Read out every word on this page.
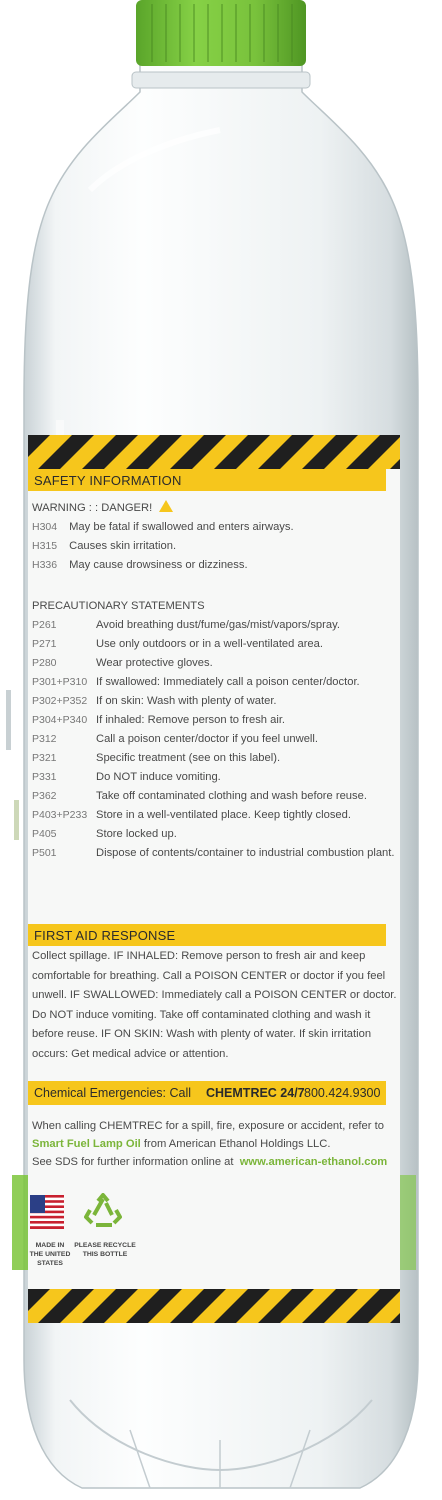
SAFETY INFORMATION
WARNING : : DANGER!
H304 May be fatal if swallowed and enters airways.
H315 Causes skin irritation.
H336 May cause drowsiness or dizziness.
PRECAUTIONARY STATEMENTS
P261	Avoid breathing dust/fume/gas/mist/vapors/spray.
P271	Use only outdoors or in a well-ventilated area.
P280	Wear protective gloves.
P301+P310 If swallowed: Immediately call a poison center/doctor.
P302+P352 If on skin: Wash with plenty of water.
P304+P340 If inhaled: Remove person to fresh air.
P312	Call a poison center/doctor if you feel unwell.
P321	Specific treatment (see on this label).
P331	Do NOT induce vomiting.
P362	Take off contaminated clothing and wash before reuse.
P403+P233 Store in a well-ventilated place. Keep tightly closed.
P405	Store locked up.
P501	Dispose of contents/container to industrial combustion plant.
FIRST AID RESPONSE
Collect spillage. IF INHALED: Remove person to fresh air and keep
comfortable for breathing. Call a POISON CENTER or doctor if you feel
unwell. IF SWALLOWED: Immediately call a POISON CENTER or doctor.
Do NOT induce vomiting. Take off contaminated clothing and wash it
before reuse. IF ON SKIN: Wash with plenty of water. If skin irritation
occurs: Get medical advice or attention.
Chemical Emergencies: Call CHEMTREC 24/7 800.424.9300
When calling CHEMTREC for a spill, fire, exposure or accident, refer to
Smart Fuel Lamp Oil from American Ethanol Holdings LLC.
See SDS for further information online at www.american-ethanol.com
MADE IN THE UNITED STATES
PLEASE RECYCLE THIS BOTTLE
